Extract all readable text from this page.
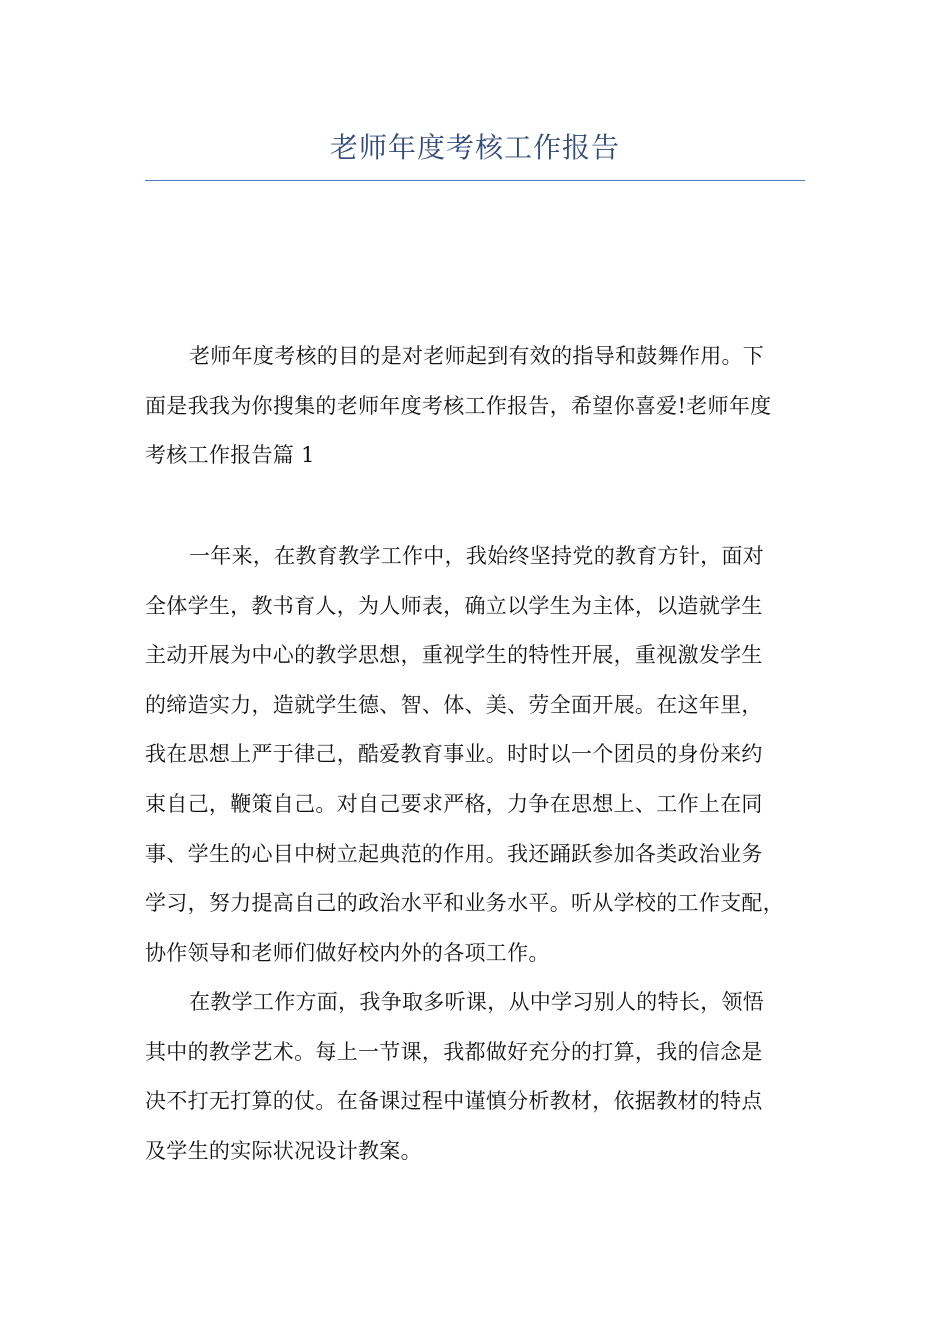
老师年度考核工作报告
老师年度考核的目的是对老师起到有效的指导和鼓舞作用。下
面是我我为你搜集的老师年度考核工作报告，希望你喜爱!老师年度
考核工作报告篇 1
一年来，在教育教学工作中，我始终坚持党的教育方针，面对
全体学生，教书育人，为人师表，确立以学生为主体，以造就学生
主动开展为中心的教学思想，重视学生的特性开展，重视激发学生
的缔造实力，造就学生德、智、体、美、劳全面开展。在这年里，
我在思想上严于律己，酷爱教育事业。时时以一个团员的身份来约
束自己，鞭策自己。对自己要求严格，力争在思想上、工作上在同
事、学生的心目中树立起典范的作用。我还踊跃参加各类政治业务
学习，努力提高自己的政治水平和业务水平。听从学校的工作支配，
协作领导和老师们做好校内外的各项工作。
在教学工作方面，我争取多听课，从中学习别人的特长，领悟
其中的教学艺术。每上一节课，我都做好充分的打算，我的信念是
决不打无打算的仗。在备课过程中谨慎分析教材，依据教材的特点
及学生的实际状况设计教案。
